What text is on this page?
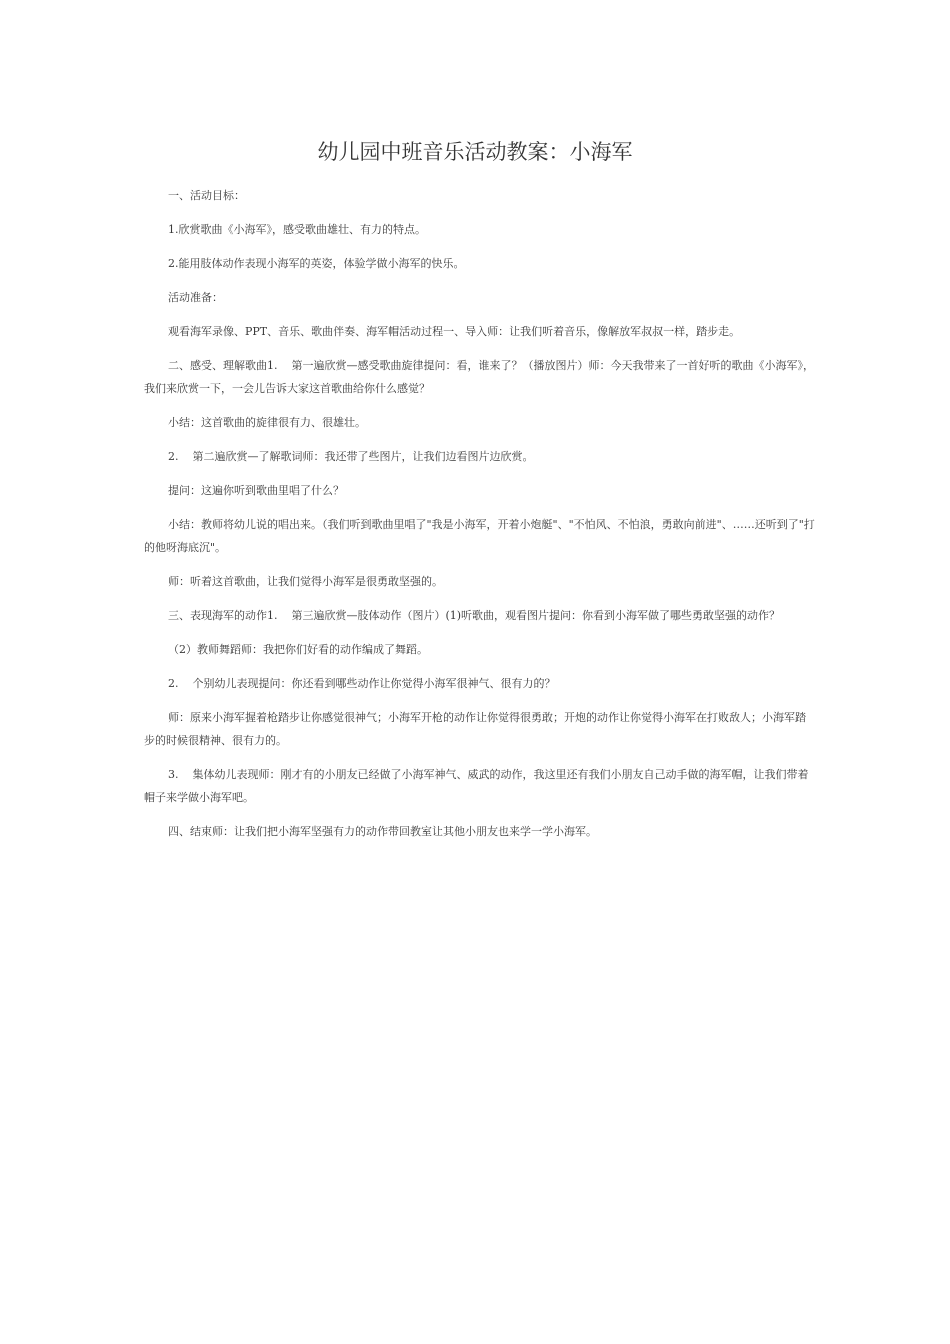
幼儿园中班音乐活动教案：小海军

一、活动目标：

1.欣赏歌曲《小海军》，感受歌曲雄壮、有力的特点。

2.能用肢体动作表现小海军的英姿，体验学做小海军的快乐。

活动准备：

观看海军录像、PPT、音乐、歌曲伴奏、海军帽活动过程一、导入师：让我们听着音乐，像解放军叔叔一样，踏步走。

二、感受、理解歌曲1.    第一遍欣赏—感受歌曲旋律提问：看，谁来了？（播放图片）师：今天我带来了一首好听的歌曲《小海军》，我们来欣赏一下，一会儿告诉大家这首歌曲给你什么感觉？

小结：这首歌曲的旋律很有力、很雄壮。

2.    第二遍欣赏—了解歌词师：我还带了些图片，让我们边看图片边欣赏。

提问：这遍你听到歌曲里唱了什么？

小结：教师将幼儿说的唱出来。（我们听到歌曲里唱了"我是小海军，开着小炮艇"、"不怕风、不怕浪，勇敢向前进"、……还听到了"打的他呀海底沉"。

师：听着这首歌曲，让我们觉得小海军是很勇敢坚强的。

三、表现海军的动作1.    第三遍欣赏—肢体动作（图片）(1)听歌曲，观看图片提问：你看到小海军做了哪些勇敢坚强的动作？

（2）教师舞蹈师：我把你们好看的动作编成了舞蹈。

2.    个别幼儿表现提问：你还看到哪些动作让你觉得小海军很神气、很有力的？

师：原来小海军握着枪踏步让你感觉很神气；小海军开枪的动作让你觉得很勇敢；开炮的动作让你觉得小海军在打败敌人；小海军踏步的时候很精神、很有力的。

3.    集体幼儿表现师：刚才有的小朋友已经做了小海军神气、威武的动作，我这里还有我们小朋友自己动手做的海军帽，让我们带着帽子来学做小海军吧。

四、结束师：让我们把小海军坚强有力的动作带回教室让其他小朋友也来学一学小海军。
